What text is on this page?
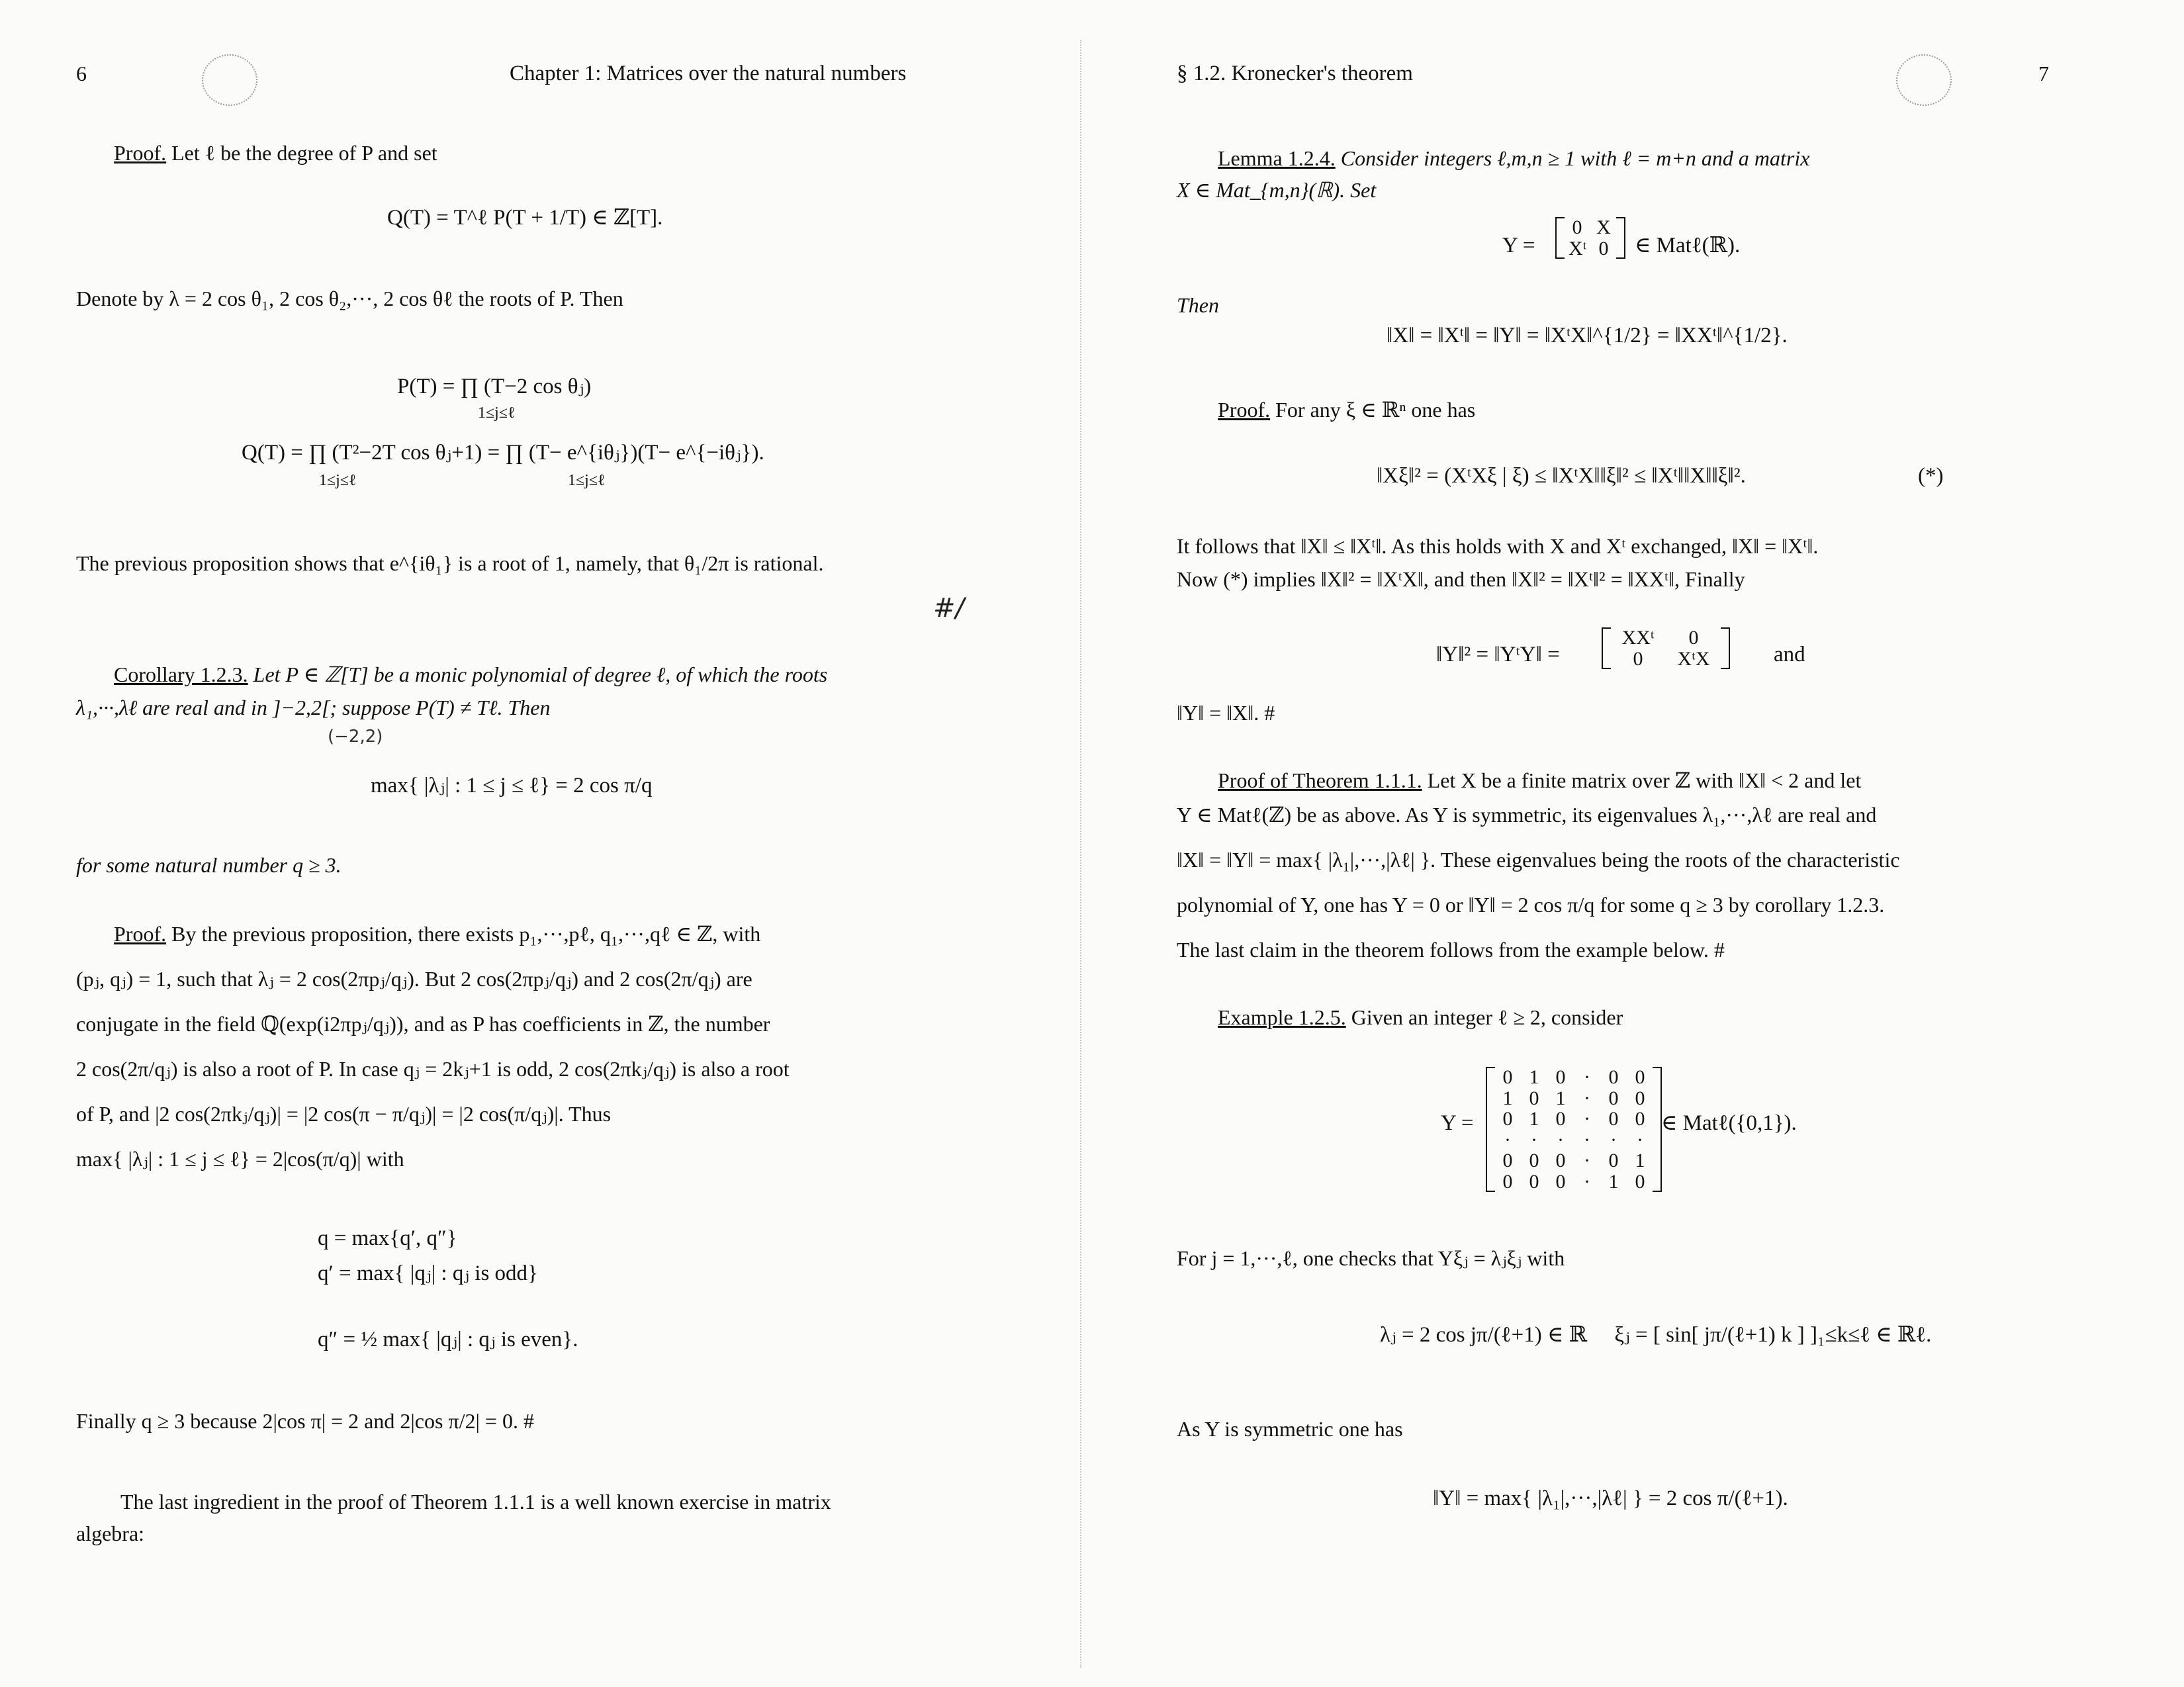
6	Chapter 1: Matrices over the natural numbers
Proof. Let ℓ be the degree of P and set
Q(T) = T^ℓ P(T + 1/T) ∈ ℤ[T].
Denote by λ = 2 cos θ₁, 2 cos θ₂,···, 2 cos θℓ the roots of P. Then
P(T) = ∏ (T−2 cos θⱼ)
1≤j≤ℓ
Q(T) = ∏ (T²−2T cos θⱼ+1) = ∏ (T− e^{iθⱼ})(T− e^{−iθⱼ}).
1≤j≤ℓ	1≤j≤ℓ
The previous proposition shows that e^{iθ₁} is a root of 1, namely, that θ₁/2π is rational.
#/
Corollary 1.2.3. Let P ∈ ℤ[T] be a monic polynomial of degree ℓ, of which the roots
λ₁,···,λℓ are real and in ]−2,2[; suppose P(T) ≠ Tℓ. Then
(−2,2)
max{ |λⱼ| : 1 ≤ j ≤ ℓ} = 2 cos π/q
for some natural number q ≥ 3.
Proof. By the previous proposition, there exists p₁,···,pℓ, q₁,···,qℓ ∈ ℤ, with
(pⱼ, qⱼ) = 1, such that λⱼ = 2 cos(2πpⱼ/qⱼ). But 2 cos(2πpⱼ/qⱼ) and 2 cos(2π/qⱼ) are
conjugate in the field ℚ(exp(i2πpⱼ/qⱼ)), and as P has coefficients in ℤ, the number
2 cos(2π/qⱼ) is also a root of P. In case qⱼ = 2kⱼ+1 is odd, 2 cos(2πkⱼ/qⱼ) is also a root
of P, and |2 cos(2πkⱼ/qⱼ)| = |2 cos(π − π/qⱼ)| = |2 cos(π/qⱼ)|. Thus
max{ |λⱼ| : 1 ≤ j ≤ ℓ} = 2|cos(π/q)| with
q = max{q′, q″}
q′ = max{ |qⱼ| : qⱼ is odd}
q″ = ½ max{ |qⱼ| : qⱼ is even}.
Finally q ≥ 3 because 2|cos π| = 2 and 2|cos π/2| = 0. #
The last ingredient in the proof of Theorem 1.1.1 is a well known exercise in matrix
algebra:
§ 1.2. Kronecker's theorem	7
Lemma 1.2.4. Consider integers ℓ,m,n ≥ 1 with ℓ = m+n and a matrix
X ∈ Mat_{m,n}(ℝ). Set
Y =
0 X
Xᵗ 0 ∈ Matℓ(ℝ).
Then
‖X‖ = ‖Xᵗ‖ = ‖Y‖ = ‖XᵗX‖^{1/2} = ‖XXᵗ‖^{1/2}.
Proof. For any ξ ∈ ℝⁿ one has
‖Xξ‖² = (XᵗXξ | ξ) ≤ ‖XᵗX‖‖ξ‖² ≤ ‖Xᵗ‖‖X‖‖ξ‖².	(*)
It follows that ‖X‖ ≤ ‖Xᵗ‖. As this holds with X and Xᵗ exchanged, ‖X‖ = ‖Xᵗ‖.
Now (*) implies ‖X‖² = ‖XᵗX‖, and then ‖X‖² = ‖Xᵗ‖² = ‖XXᵗ‖, Finally
‖Y‖² = ‖YᵗY‖ =
XXᵗ	0
0	XᵗX	and
‖Y‖ = ‖X‖. #
Proof of Theorem 1.1.1. Let X be a finite matrix over ℤ with ‖X‖ < 2 and let
Y ∈ Matℓ(ℤ) be as above. As Y is symmetric, its eigenvalues λ₁,···,λℓ are real and
‖X‖ = ‖Y‖ = max{ |λ₁|,···,|λℓ| }. These eigenvalues being the roots of the characteristic
polynomial of Y, one has Y = 0 or ‖Y‖ = 2 cos π/q for some q ≥ 3 by corollary 1.2.3.
The last claim in the theorem follows from the example below. #
Example 1.2.5. Given an integer ℓ ≥ 2, consider
Y =
0 1 0 · 0 0
1 0 1 · 0 0
0 1 0 · 0 0
· · · · · ·
0 0 0 · 0 1
0 0 0 · 1 0
∈ Matℓ({0,1}).
For j = 1,···,ℓ, one checks that Yξⱼ = λⱼξⱼ with
λⱼ = 2 cos jπ/(ℓ+1) ∈ ℝ     ξⱼ = [ sin[ jπ/(ℓ+1) k ] ]₁≤k≤ℓ ∈ ℝℓ.
As Y is symmetric one has
‖Y‖ = max{ |λ₁|,···,|λℓ| } = 2 cos π/(ℓ+1).
